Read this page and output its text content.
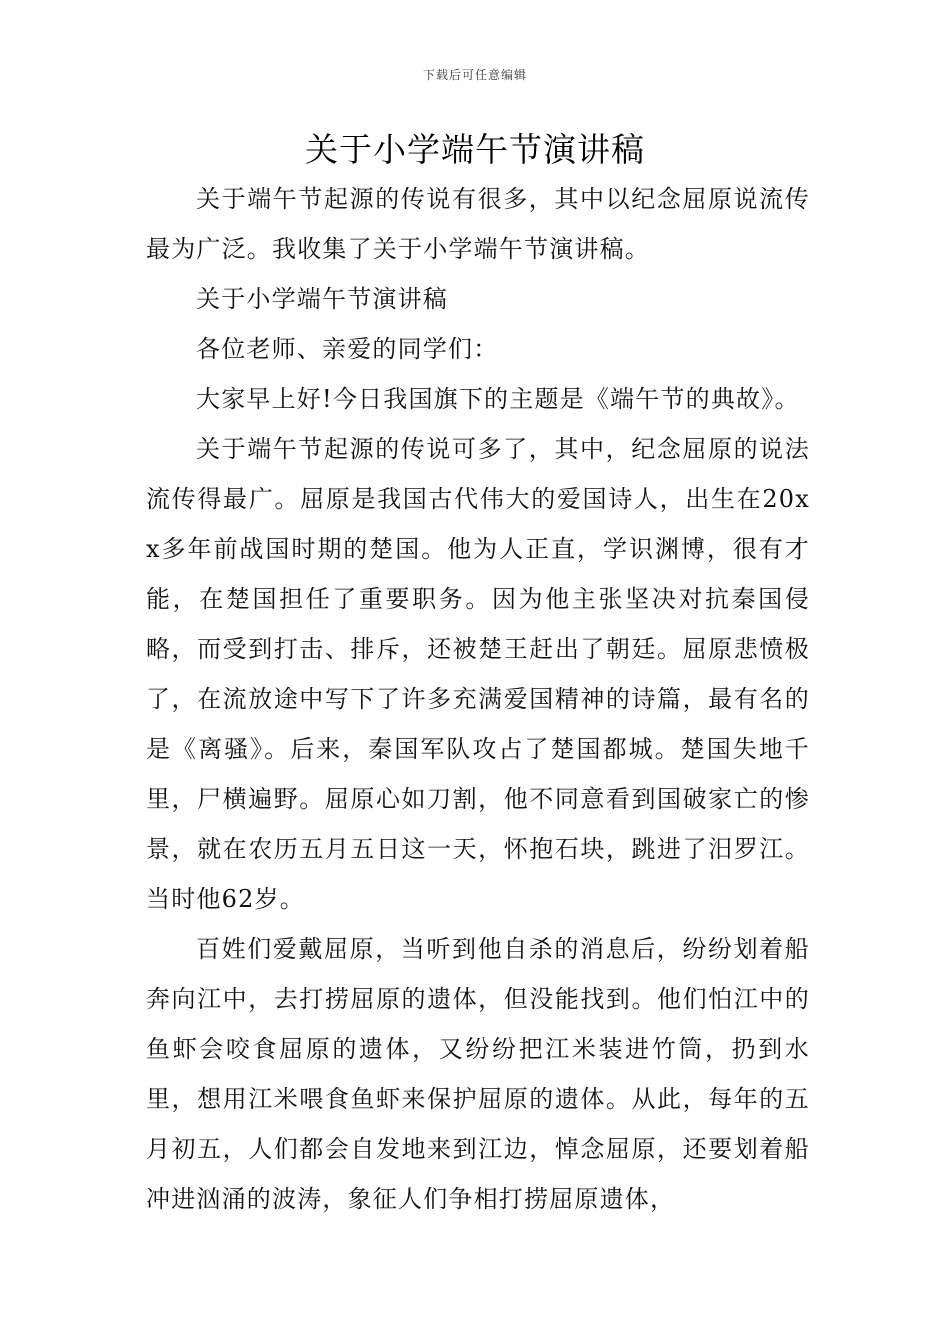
下载后可任意编辑
关于小学端午节演讲稿

关于端午节起源的传说有很多，其中以纪念屈原说流传最为广泛。我收集了关于小学端午节演讲稿。

关于小学端午节演讲稿

各位老师、亲爱的同学们：

大家早上好!今日我国旗下的主题是《端午节的典故》。

关于端午节起源的传说可多了，其中，纪念屈原的说法流传得最广。屈原是我国古代伟大的爱国诗人，出生在20xx多年前战国时期的楚国。他为人正直，学识渊博，很有才能，在楚国担任了重要职务。因为他主张坚决对抗秦国侵略，而受到打击、排斥，还被楚王赶出了朝廷。屈原悲愤极了，在流放途中写下了许多充满爱国精神的诗篇，最有名的是《离骚》。后来，秦国军队攻占了楚国都城。楚国失地千里，尸横遍野。屈原心如刀割，他不同意看到国破家亡的惨景，就在农历五月五日这一天，怀抱石块，跳进了汨罗江。当时他62岁。

百姓们爱戴屈原，当听到他自杀的消息后，纷纷划着船奔向江中，去打捞屈原的遗体，但没能找到。他们怕江中的鱼虾会咬食屈原的遗体，又纷纷把江米装进竹筒，扔到水里，想用江米喂食鱼虾来保护屈原的遗体。从此，每年的五月初五，人们都会自发地来到江边，悼念屈原，还要划着船冲进汹涌的波涛，象征人们争相打捞屈原遗体，
